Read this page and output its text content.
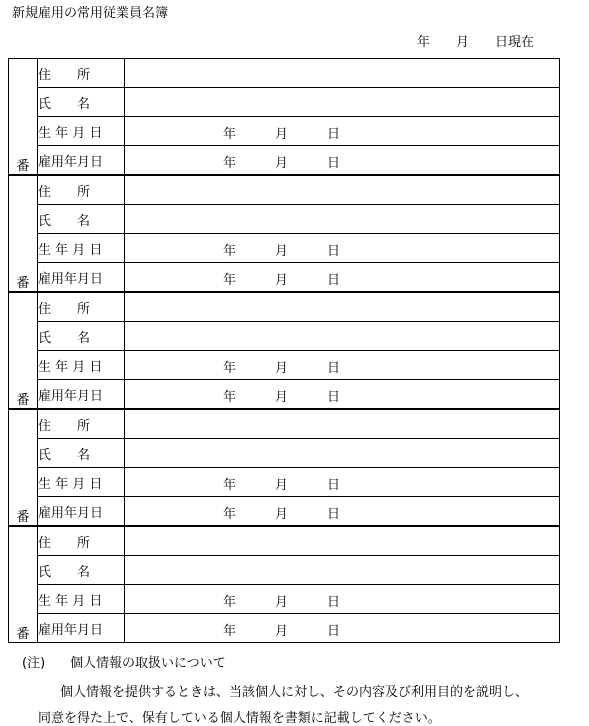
新規雇用の常用従業員名簿
年　　月　　日現在
番	住　　所	
	氏　　名	
	生 年 月 日	年　　　月　　　日

	雇用年月日	年　　　月　　　日
番	住　　所	
	氏　　名	
	生 年 月 日	年　　　月　　　日

	雇用年月日	年　　　月　　　日
番	住　　所	
	氏　　名	
	生 年 月 日	年　　　月　　　日

	雇用年月日	年　　　月　　　日
番	住　　所	
	氏　　名	
	生 年 月 日	年　　　月　　　日

	雇用年月日	年　　　月　　　日
番	住　　所	
	氏　　名	
	生 年 月 日	年　　　月　　　日

	雇用年月日	年　　　月　　　日
(注) 個人情報の取扱いについて
個人情報を提供するときは、当該個人に対し、その内容及び利用目的を説明し、
同意を得た上で、保有している個人情報を書類に記載してください。
